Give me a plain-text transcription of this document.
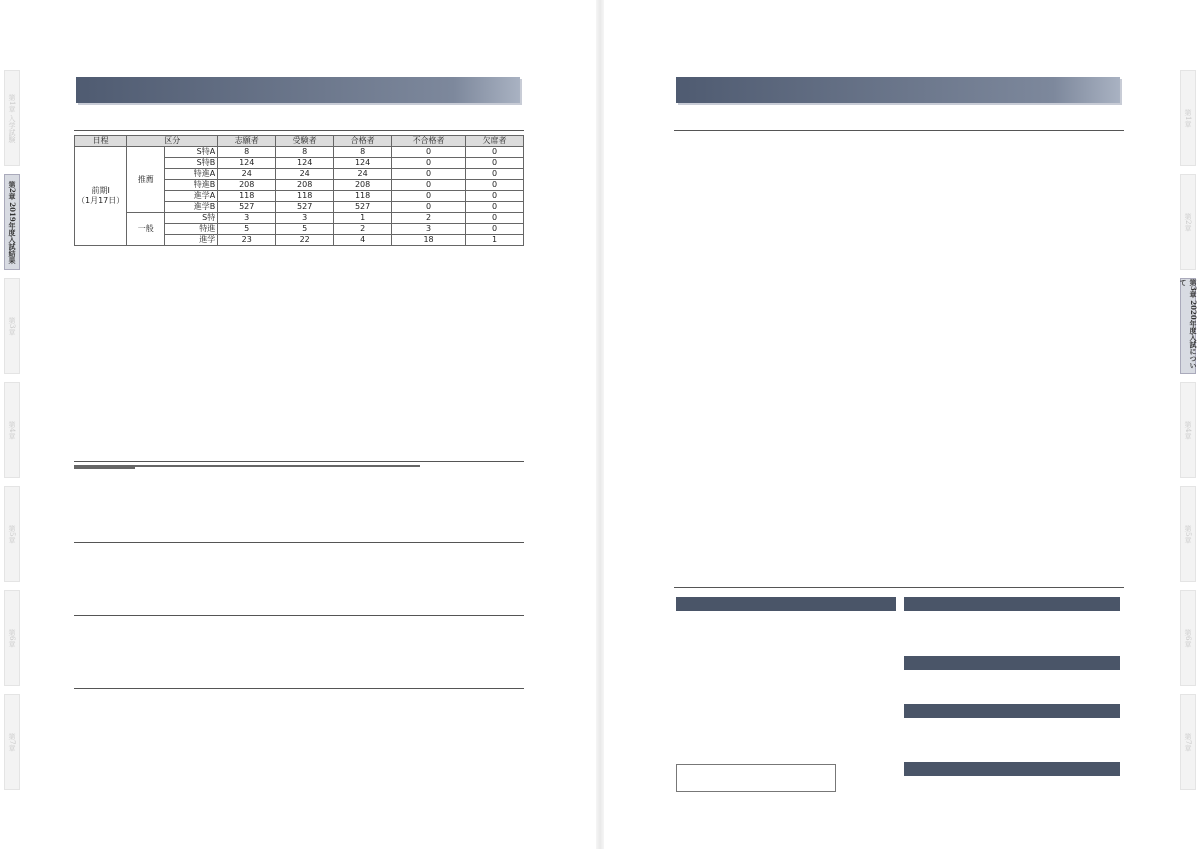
第1章 入学試験
第2章 2019年度入試結果
第3章
第4章
第5章
第6章
第7章
第1章
第2章
第3章 2020年度入試について
第4章
第5章
第6章
第7章
日程	区分		志願者	受験者	合格者	不合格者	欠席者

前期Ⅰ
（1月17日）	推薦	S特A	8	8	8	0	0
		S特B	124	124	124	0	0
		特進A	24	24	24	0	0
		特進B	208	208	208	0	0
		進学A	118	118	118	0	0
		進学B	527	527	527	0	0
	一般	S特	3	3	1	2	0
		特進	5	5	2	3	0
		進学	23	22	4	18	1
